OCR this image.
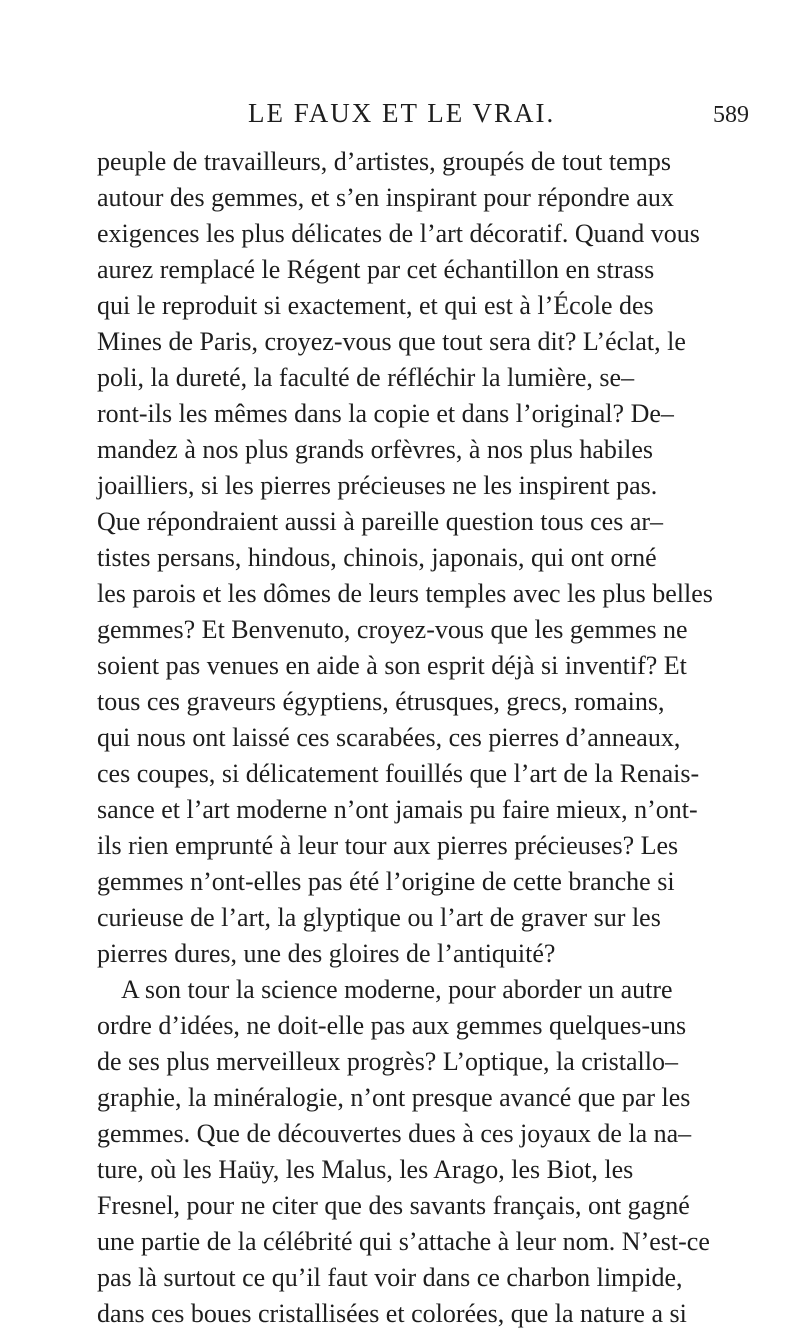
LE FAUX ET LE VRAI.	589
peuple de travailleurs, d’artistes, groupés de tout temps
autour des gemmes, et s’en inspirant pour répondre aux
exigences les plus délicates de l’art décoratif. Quand vous
aurez remplacé le Régent par cet échantillon en strass
qui le reproduit si exactement, et qui est à l’École des
Mines de Paris, croyez-vous que tout sera dit? L’éclat, le
poli, la dureté, la faculté de réfléchir la lumière, se–
ront-ils les mêmes dans la copie et dans l’original? De–
mandez à nos plus grands orfèvres, à nos plus habiles
joailliers, si les pierres précieuses ne les inspirent pas.
Que répondraient aussi à pareille question tous ces ar–
tistes persans, hindous, chinois, japonais, qui ont orné
les parois et les dômes de leurs temples avec les plus belles
gemmes? Et Benvenuto, croyez-vous que les gemmes ne
soient pas venues en aide à son esprit déjà si inventif? Et
tous ces graveurs égyptiens, étrusques, grecs, romains,
qui nous ont laissé ces scarabées, ces pierres d’anneaux,
ces coupes, si délicatement fouillés que l’art de la Renais-
sance et l’art moderne n’ont jamais pu faire mieux, n’ont-
ils rien emprunté à leur tour aux pierres précieuses? Les
gemmes n’ont-elles pas été l’origine de cette branche si
curieuse de l’art, la glyptique ou l’art de graver sur les
pierres dures, une des gloires de l’antiquité?
A son tour la science moderne, pour aborder un autre
ordre d’idées, ne doit-elle pas aux gemmes quelques-uns
de ses plus merveilleux progrès? L’optique, la cristallo–
graphie, la minéralogie, n’ont presque avancé que par les
gemmes. Que de découvertes dues à ces joyaux de la na–
ture, où les Haüy, les Malus, les Arago, les Biot, les
Fresnel, pour ne citer que des savants français, ont gagné
une partie de la célébrité qui s’attache à leur nom. N’est-ce
pas là surtout ce qu’il faut voir dans ce charbon limpide,
dans ces boues cristallisées et colorées, que la nature a si
